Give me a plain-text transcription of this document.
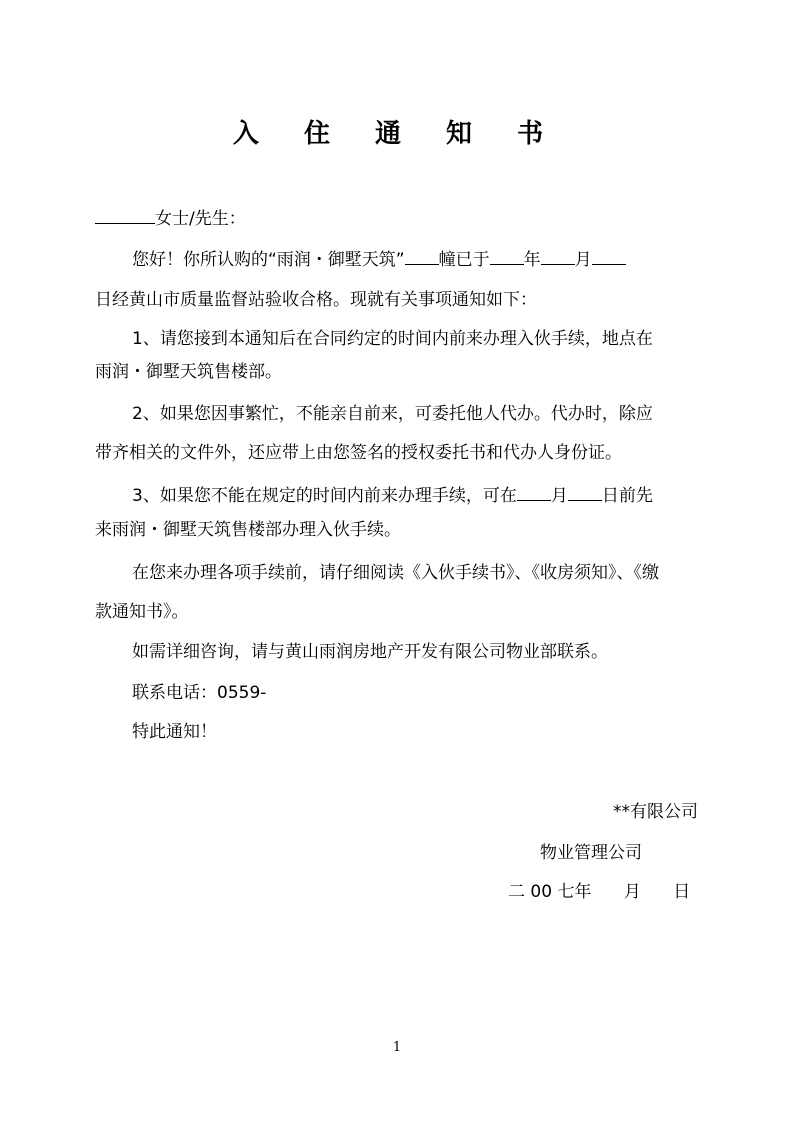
入 住 通 知 书
女士/先生：
您好！你所认购的“雨润・御墅天筑” 幢已于 年 月
日经黄山市质量监督站验收合格。现就有关事项通知如下：
1、请您接到本通知后在合同约定的时间内前来办理入伙手续，地点在
雨润・御墅天筑售楼部。
2、如果您因事繁忙，不能亲自前来，可委托他人代办。代办时，除应
带齐相关的文件外，还应带上由您签名的授权委托书和代办人身份证。
3、如果您不能在规定的时间内前来办理手续，可在 月 日前先
来雨润・御墅天筑售楼部办理入伙手续。
在您来办理各项手续前，请仔细阅读《入伙手续书》、《收房须知》、《缴
款通知书》。
如需详细咨询，请与黄山雨润房地产开发有限公司物业部联系。
联系电话：0559-
特此通知！
**有限公司
物业管理公司
二 00 七年      月      日
1
